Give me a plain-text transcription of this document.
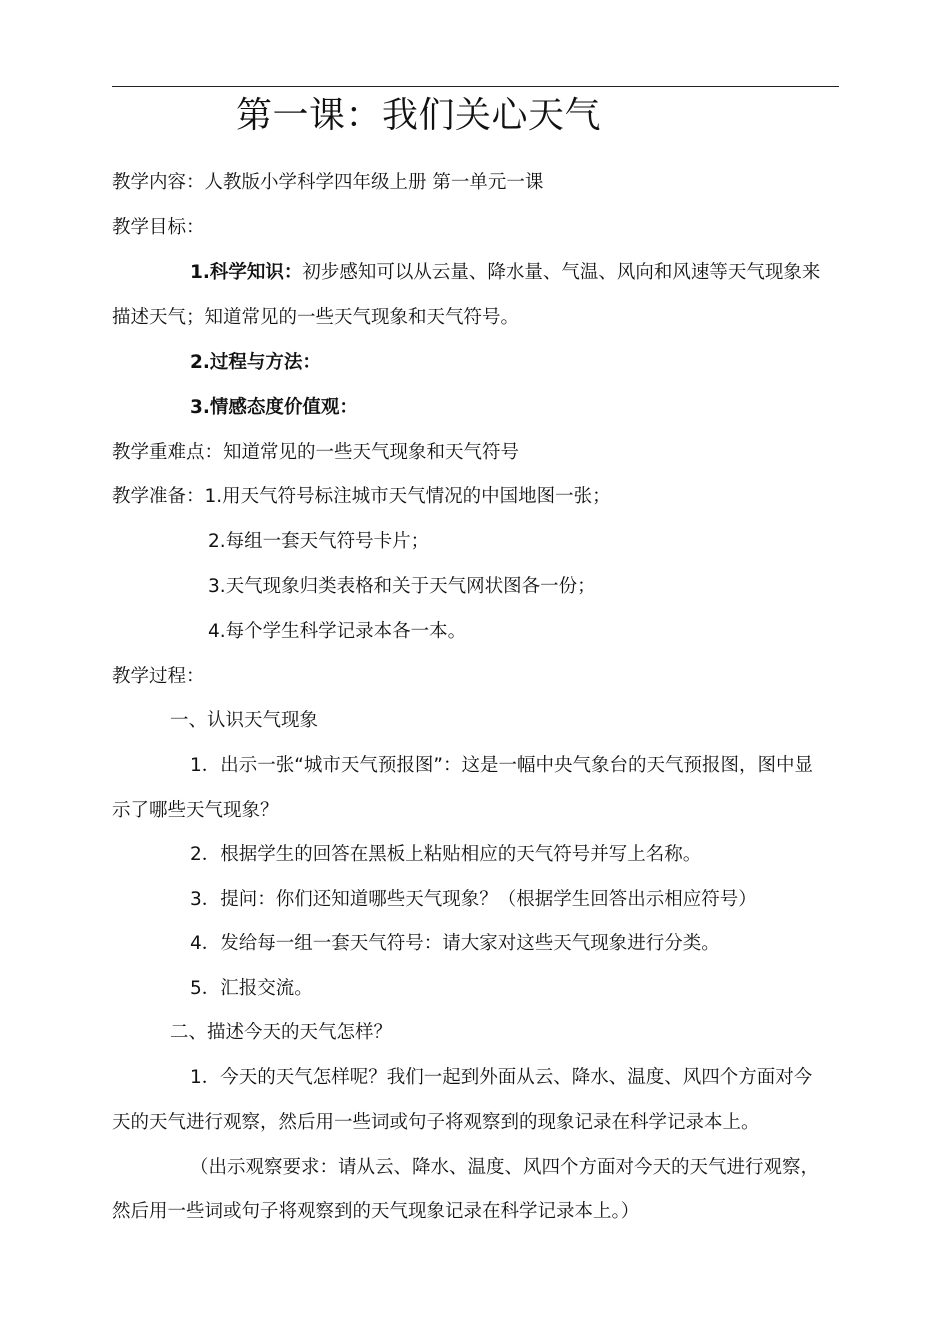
第一课：我们关心天气
教学内容：人教版小学科学四年级上册 第一单元一课
教学目标：
1.科学知识：初步感知可以从云量、降水量、气温、风向和风速等天气现象来
描述天气；知道常见的一些天气现象和天气符号。
2.过程与方法：
3.情感态度价值观：
教学重难点：知道常见的一些天气现象和天气符号
教学准备：1.用天气符号标注城市天气情况的中国地图一张；
2.每组一套天气符号卡片；
3.天气现象归类表格和关于天气网状图各一份；
4.每个学生科学记录本各一本。
教学过程：
一、认识天气现象
1．出示一张“城市天气预报图”：这是一幅中央气象台的天气预报图，图中显
示了哪些天气现象？
2．根据学生的回答在黑板上粘贴相应的天气符号并写上名称。
3．提问：你们还知道哪些天气现象？（根据学生回答出示相应符号）
4．发给每一组一套天气符号：请大家对这些天气现象进行分类。
5．汇报交流。
二、描述今天的天气怎样？
1．今天的天气怎样呢？我们一起到外面从云、降水、温度、风四个方面对今
天的天气进行观察，然后用一些词或句子将观察到的现象记录在科学记录本上。
（出示观察要求：请从云、降水、温度、风四个方面对今天的天气进行观察，
然后用一些词或句子将观察到的天气现象记录在科学记录本上。）
